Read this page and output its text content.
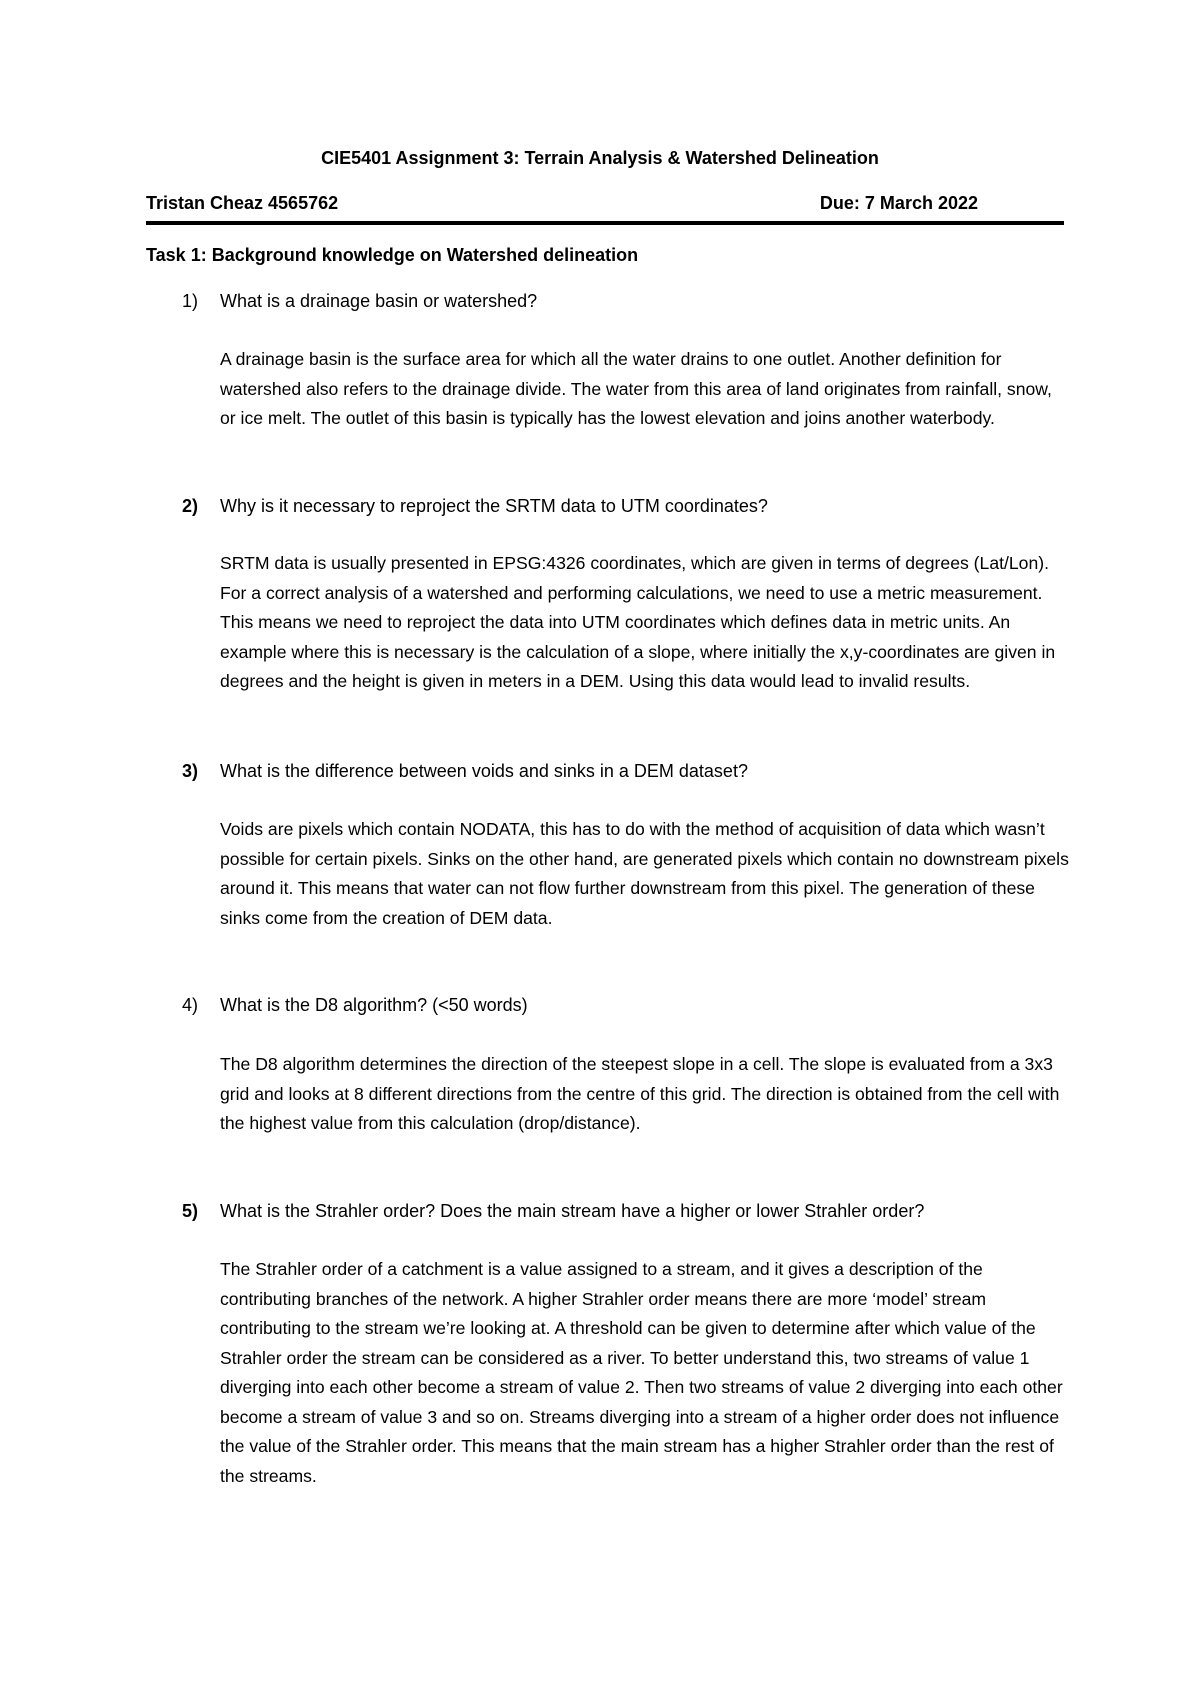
CIE5401 Assignment 3: Terrain Analysis & Watershed Delineation
Tristan Cheaz 4565762	Due: 7 March 2022
Task 1: Background knowledge on Watershed delineation
1) What is a drainage basin or watershed?

A drainage basin is the surface area for which all the water drains to one outlet. Another definition for watershed also refers to the drainage divide. The water from this area of land originates from rainfall, snow, or ice melt. The outlet of this basin is typically has the lowest elevation and joins another waterbody.

2) Why is it necessary to reproject the SRTM data to UTM coordinates?

SRTM data is usually presented in EPSG:4326 coordinates, which are given in terms of degrees (Lat/Lon). For a correct analysis of a watershed and performing calculations, we need to use a metric measurement. This means we need to reproject the data into UTM coordinates which defines data in metric units. An example where this is necessary is the calculation of a slope, where initially the x,y-coordinates are given in degrees and the height is given in meters in a DEM. Using this data would lead to invalid results.

3) What is the difference between voids and sinks in a DEM dataset?

Voids are pixels which contain NODATA, this has to do with the method of acquisition of data which wasn’t possible for certain pixels. Sinks on the other hand, are generated pixels which contain no downstream pixels around it. This means that water can not flow further downstream from this pixel. The generation of these sinks come from the creation of DEM data.

4) What is the D8 algorithm? (<50 words)

The D8 algorithm determines the direction of the steepest slope in a cell. The slope is evaluated from a 3x3 grid and looks at 8 different directions from the centre of this grid. The direction is obtained from the cell with the highest value from this calculation (drop/distance).

5) What is the Strahler order? Does the main stream have a higher or lower Strahler order?

The Strahler order of a catchment is a value assigned to a stream, and it gives a description of the contributing branches of the network. A higher Strahler order means there are more ‘model’ stream contributing to the stream we’re looking at. A threshold can be given to determine after which value of the Strahler order the stream can be considered as a river. To better understand this, two streams of value 1 diverging into each other become a stream of value 2. Then two streams of value 2 diverging into each other become a stream of value 3 and so on. Streams diverging into a stream of a higher order does not influence the value of the Strahler order. This means that the main stream has a higher Strahler order than the rest of the streams.
